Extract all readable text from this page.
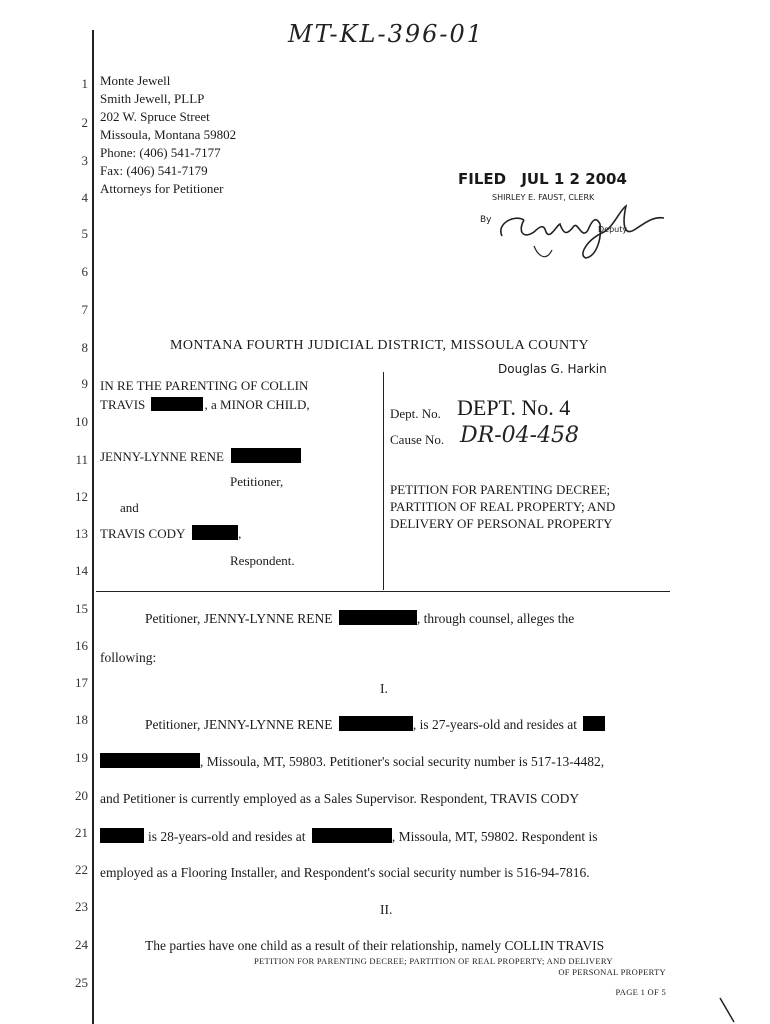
MT-KL-396-01
1
2
3
4
5
6
7
8
9
10
11
12
13
14
15
16
17
18
19
20
21
22
23
24
25
Monte Jewell
Smith Jewell, PLLP
202 W. Spruce Street
Missoula, Montana 59802
Phone: (406) 541-7177
Fax: (406) 541-7179
Attorneys for Petitioner
FILED JUL 1 2 2004
SHIRLEY E. FAUST, CLERK
By
Deputy
MONTANA FOURTH JUDICIAL DISTRICT, MISSOULA COUNTY
Douglas G. Harkin
IN RE THE PARENTING OF COLLIN
TRAVIS	, a MINOR CHILD,
JENNY-LYNNE RENE
Petitioner,
and
TRAVIS CODY	,
Respondent.
Dept. No. DEPT. No. 4
Cause No. DR-04-458
PETITION FOR PARENTING DECREE;
PARTITION OF REAL PROPERTY; AND
DELIVERY OF PERSONAL PROPERTY
Petitioner, JENNY-LYNNE RENE	, through counsel, alleges the
following:
I.
Petitioner, JENNY-LYNNE RENE	, is 27-years-old and resides at
, Missoula, MT, 59803. Petitioner's social security number is 517-13-4482,
and Petitioner is currently employed as a Sales Supervisor. Respondent, TRAVIS CODY
is 28-years-old and resides at	, Missoula, MT, 59802. Respondent is
employed as a Flooring Installer, and Respondent's social security number is 516-94-7816.
II.
The parties have one child as a result of their relationship, namely COLLIN TRAVIS
PETITION FOR PARENTING DECREE; PARTITION OF REAL PROPERTY; AND DELIVERY
OF PERSONAL PROPERTY
PAGE 1 OF 5
